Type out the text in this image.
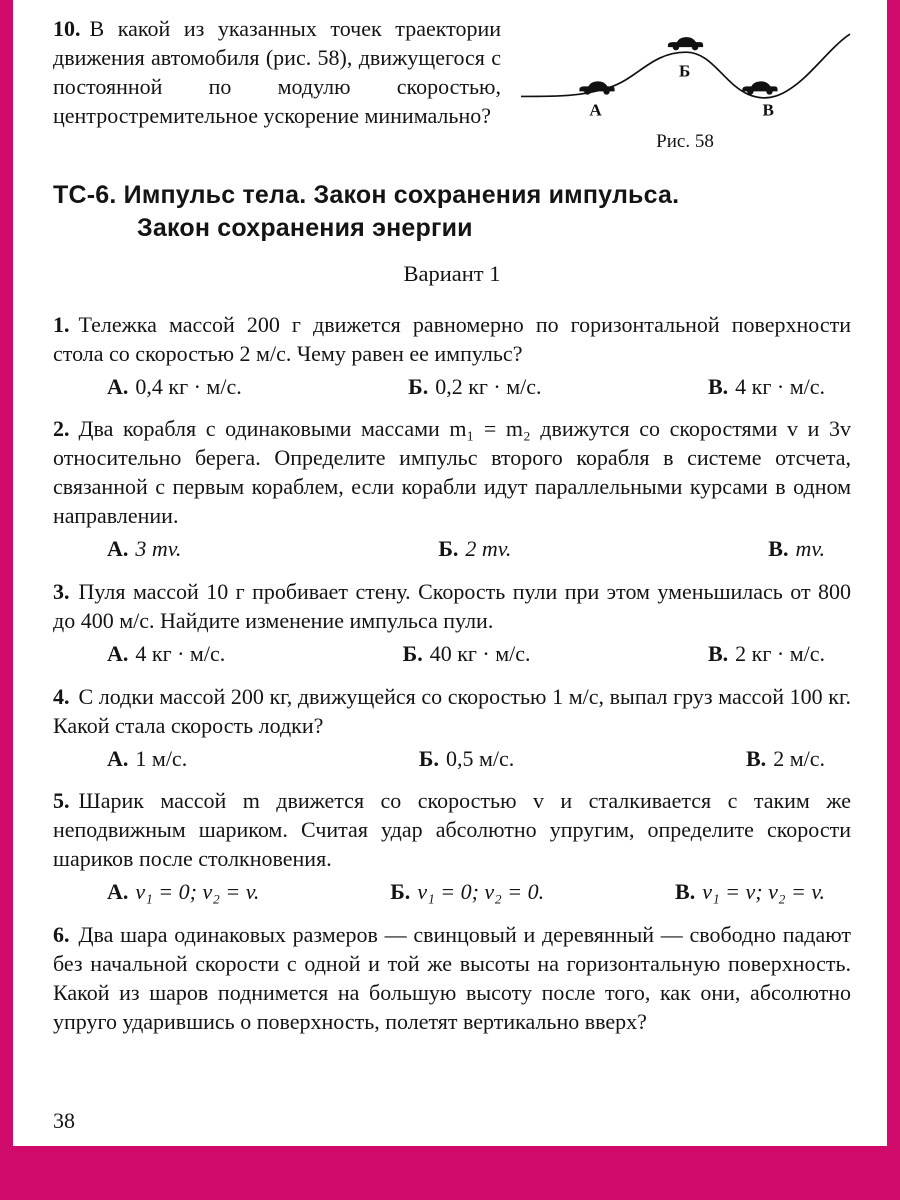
10. В какой из указанных точек траектории движения автомобиля (рис. 58), движущегося с постоянной по модулю скоростью, центростремительное ускорение минимально?	А
Б
В
Рис. 58
ТС-6. Импульс тела. Закон сохранения импульса.
Закон сохранения энергии
Вариант 1

1. Тележка массой 200 г движется равномерно по горизонтальной поверхности стола со скоростью 2 м/с. Чему равен ее импульс?

А. 0,4 кг · м/с.	Б. 0,2 кг · м/с.	В. 4 кг · м/с.

2. Два корабля с одинаковыми массами m₁ = m₂ движутся со скоростями v и 3v относительно берега. Определите импульс второго корабля в системе отсчета, связанной с первым кораблем, если корабли идут параллельными курсами в одном направлении.

А. 3 mv.	Б. 2 mv.	В. mv.

3. Пуля массой 10 г пробивает стену. Скорость пули при этом уменьшилась от 800 до 400 м/с. Найдите изменение импульса пули.

А. 4 кг · м/с.	Б. 40 кг · м/с.	В. 2 кг · м/с.

4. С лодки массой 200 кг, движущейся со скоростью 1 м/с, выпал груз массой 100 кг. Какой стала скорость лодки?

А. 1 м/с.	Б. 0,5 м/с.	В. 2 м/с.

5. Шарик массой m движется со скоростью v и сталкивается с таким же неподвижным шариком. Считая удар абсолютно упругим, определите скорости шариков после столкновения.

А. v₁ = 0; v₂ = v.	Б. v₁ = 0; v₂ = 0.	В. v₁ = v; v₂ = v.

6. Два шара одинаковых размеров — свинцовый и деревянный — свободно падают без начальной скорости с одной и той же высоты на горизонтальную поверхность. Какой из шаров поднимется на большую высоту после того, как они, абсолютно упруго ударившись о поверхность, полетят вертикально вверх?

38
